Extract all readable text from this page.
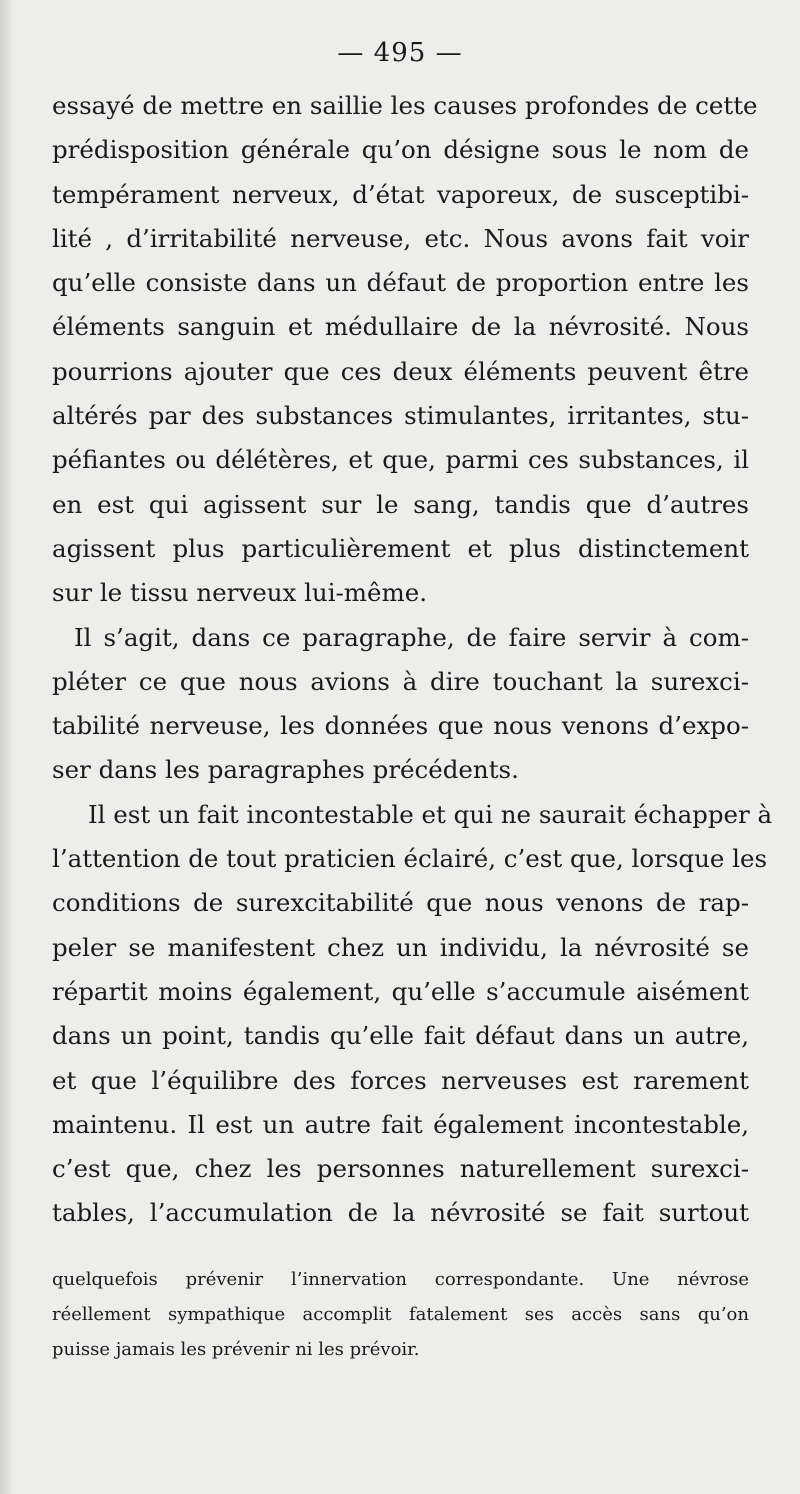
— 495 —
essayé de mettre en saillie les causes profondes de cette
prédisposition générale qu’on désigne sous le nom de
tempérament nerveux, d’état vaporeux, de susceptibi-
lité , d’irritabilité nerveuse, etc. Nous avons fait voir
qu’elle consiste dans un défaut de proportion entre les
éléments sanguin et médullaire de la névrosité. Nous
pourrions ajouter que ces deux éléments peuvent être
altérés par des substances stimulantes, irritantes, stu-
péfiantes ou délétères, et que, parmi ces substances, il
en est qui agissent sur le sang, tandis que d’autres
agissent plus particulièrement et plus distinctement
sur le tissu nerveux lui-même.
Il s’agit, dans ce paragraphe, de faire servir à com-
pléter ce que nous avions à dire touchant la surexci-
tabilité nerveuse, les données que nous venons d’expo-
ser dans les paragraphes précédents.
Il est un fait incontestable et qui ne saurait échapper à
l’attention de tout praticien éclairé, c’est que, lorsque les
conditions de surexcitabilité que nous venons de rap-
peler se manifestent chez un individu, la névrosité se
répartit moins également, qu’elle s’accumule aisément
dans un point, tandis qu’elle fait défaut dans un autre,
et que l’équilibre des forces nerveuses est rarement
maintenu. Il est un autre fait également incontestable,
c’est que, chez les personnes naturellement surexci-
tables, l’accumulation de la névrosité se fait surtout
quelquefois prévenir l’innervation correspondante. Une névrose
réellement sympathique accomplit fatalement ses accès sans qu’on
puisse jamais les prévenir ni les prévoir.
